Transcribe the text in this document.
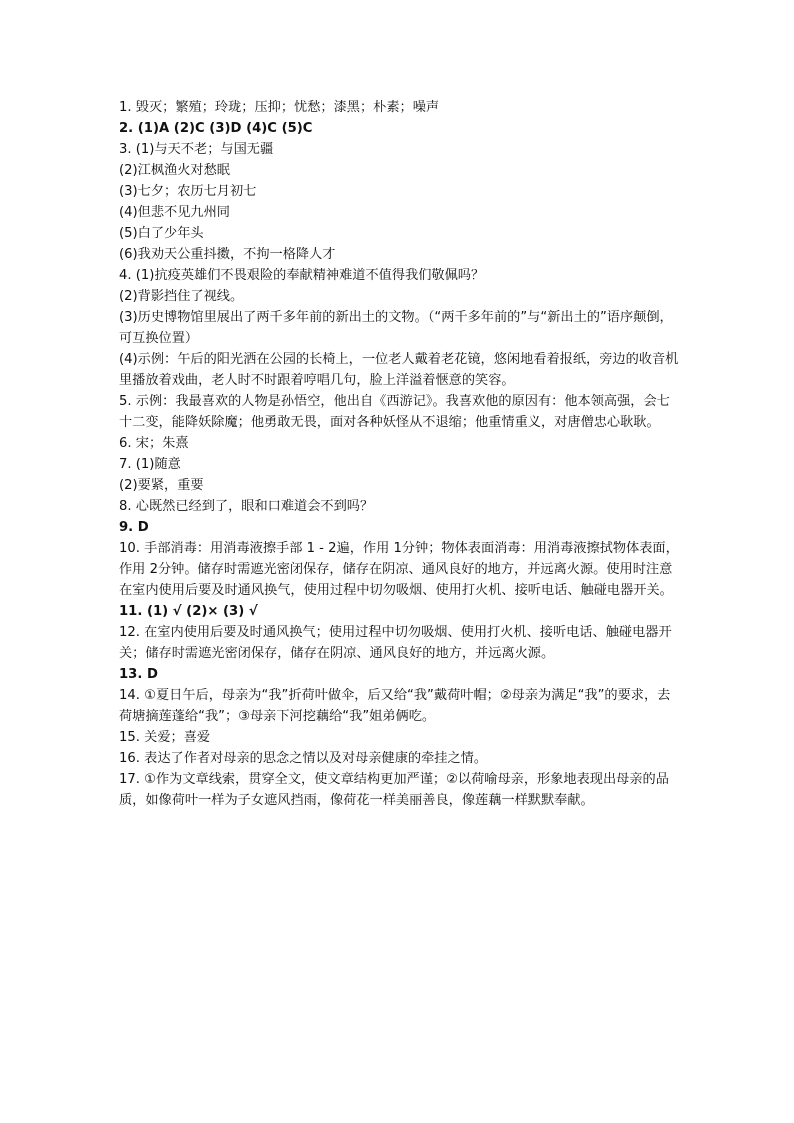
1. 毁灭；繁殖；玲珑；压抑；忧愁；漆黑；朴素；噪声
2. (1)A (2)C (3)D (4)C (5)C
3. (1)与天不老；与国无疆
(2)江枫渔火对愁眠
(3)七夕；农历七月初七
(4)但悲不见九州同
(5)白了少年头
(6)我劝天公重抖擞，不拘一格降人才
4. (1)抗疫英雄们不畏艰险的奉献精神难道不值得我们敬佩吗？
(2)背影挡住了视线。
(3)历史博物馆里展出了两千多年前的新出土的文物。（“两千多年前的”与“新出土的”语序颠倒，可互换位置）
(4)示例：午后的阳光洒在公园的长椅上，一位老人戴着老花镜，悠闲地看着报纸，旁边的收音机里播放着戏曲，老人时不时跟着哼唱几句，脸上洋溢着惬意的笑容。
5. 示例：我最喜欢的人物是孙悟空，他出自《西游记》。我喜欢他的原因有：他本领高强，会七十二变，能降妖除魔；他勇敢无畏，面对各种妖怪从不退缩；他重情重义，对唐僧忠心耿耿。
6. 宋；朱熹
7. (1)随意
(2)要紧，重要
8. 心既然已经到了，眼和口难道会不到吗？
9. D
10. 手部消毒：用消毒液擦手部 1 - 2遍，作用 1分钟；物体表面消毒：用消毒液擦拭物体表面，作用 2分钟。储存时需遮光密闭保存，储存在阴凉、通风良好的地方，并远离火源。使用时注意在室内使用后要及时通风换气，使用过程中切勿吸烟、使用打火机、接听电话、触碰电器开关。
11. (1) √ (2)× (3) √
12. 在室内使用后要及时通风换气；使用过程中切勿吸烟、使用打火机、接听电话、触碰电器开关；储存时需遮光密闭保存，储存在阴凉、通风良好的地方，并远离火源。
13. D
14. ①夏日午后，母亲为“我”折荷叶做伞，后又给“我”戴荷叶帽；②母亲为满足“我”的要求，去荷塘摘莲蓬给“我”；③母亲下河挖藕给“我”姐弟俩吃。
15. 关爱；喜爱
16. 表达了作者对母亲的思念之情以及对母亲健康的牵挂之情。
17. ①作为文章线索，贯穿全文，使文章结构更加严谨；②以荷喻母亲，形象地表现出母亲的品质，如像荷叶一样为子女遮风挡雨，像荷花一样美丽善良，像莲藕一样默默奉献。
